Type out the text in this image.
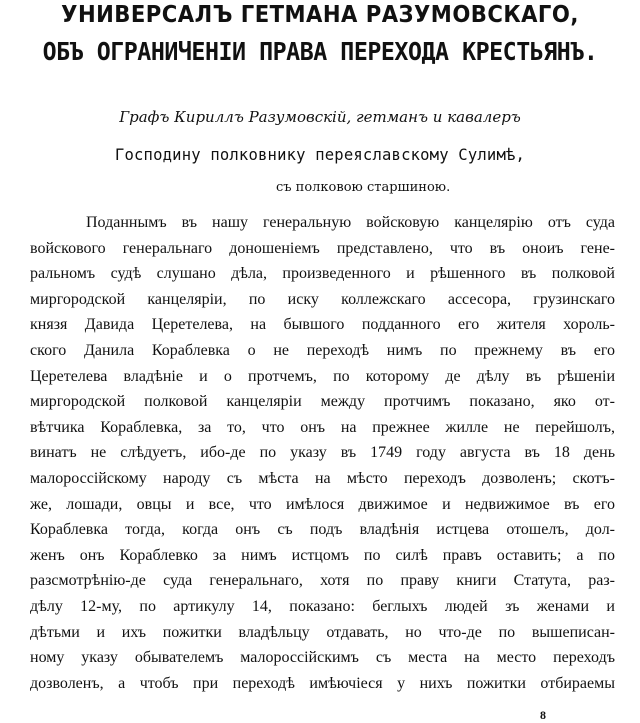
УНИВЕРСАЛЪ ГЕТМАНА РАЗУМОВСКАГО,
ОБЪ ОГРАНИЧЕНІИ ПРАВА ПЕРЕХОДА КРЕСТЬЯНЪ.
Графъ Кириллъ Разумовскій, гетманъ и кавалеръ
Господину полковнику переяславскому Сулимѣ,
съ полковою старшиною.
Поданнымъ въ нашу генеральную войсковую канцелярію отъ суда
войскового генеральнаго доношеніемъ представлено, что въ оноиъ гене-
ральномъ судѣ слушано дѣла, произведенного и рѣшенного въ полковой
миргородской канцеляріи, по иску коллежскаго ассесора, грузинскаго
князя Давида Церетелева, на бывшого подданного его жителя хороль-
ского Данила Кораблевка о не переходѣ нимъ по прежнему въ его
Церетелева владѣніе и о протчемъ, по которому де дѣлу въ рѣшеніи
миргородской полковой канцеляріи между протчимъ показано, яко от-
вѣтчика Кораблевка, за то, что онъ на прежнее жилле не перейшолъ,
винатъ не слѣдуетъ, ибо-де по указу въ 1749 году августа въ 18 день
малороссійскому народу съ мѣста на мѣсто переходъ дозволенъ; скотъ-
же, лошади, овцы и все, что имѣлося движимое и недвижимое въ его
Кораблевка тогда, когда онъ съ подъ владѣнія истцева отошелъ, дол-
женъ онъ Кораблевко за нимъ истцомъ по силѣ правъ оставить; а по
разсмотрѣнію-де суда генеральнаго, хотя по праву книги Статута, раз-
дѣлу 12-му, по артикулу 14, показано: беглыхъ людей зъ женами и
дѣтьми и ихъ пожитки владѣльцу отдавать, но что-де по вышеписан-
ному указу обывателемъ малороссійскимъ съ места на место переходъ
дозволенъ, а чтобъ при переходѣ имѣючіеся у нихъ пожитки отбираемы
8
